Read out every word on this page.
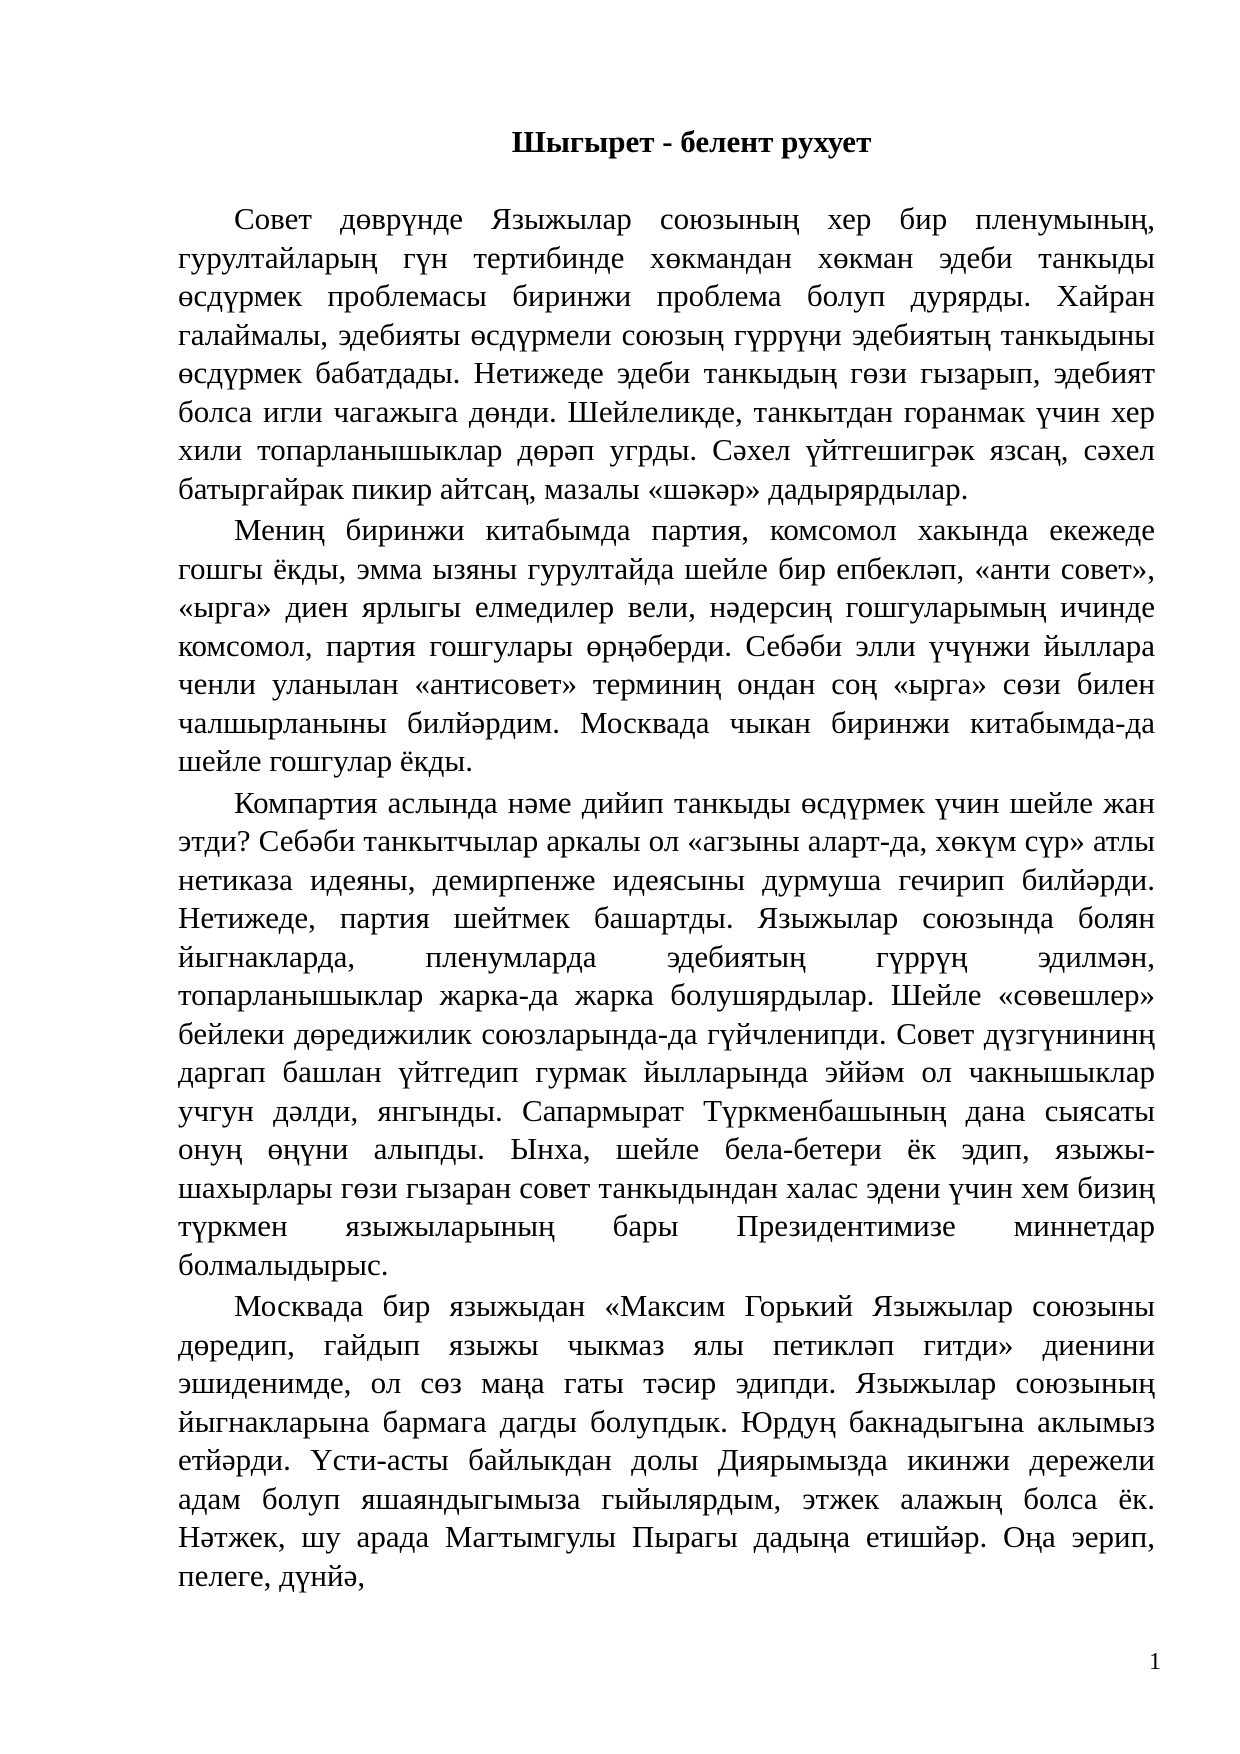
Шыгырет - белент рухует

Совет дөврүнде Языжылар союзының хер бир пленумының, гурултайларың гүн тертибинде хөкмандан хөкман эдеби танкыды өсдүрмек проблемасы биринжи проблема болуп дурярды. Хайран галаймалы, эдебияты өсдүрмели союзың гүррүңи эдебиятың танкыдыны өсдүрмек бабатдады. Нетижеде эдеби танкыдың гөзи гызарып, эдебият болса игли чагажыга дөнди. Шейлеликде, танкытдан горанмак үчин хер хили топарланышыклар дөрәп угрды. Сәхел үйтгешигрәк язсаң, сәхел батыргайрак пикир айтсаң, мазалы «шәкәр» дадырярдылар.

Мениң биринжи китабымда партия, комсомол хакында екежеде гошгы ёкды, эмма ызяны гурултайда шейле бир епбекләп, «анти совет», «ырга» диен ярлыгы елмедилер вели, нәдерсиң гошгуларымың ичинде комсомол, партия гошгулары өрңәберди. Себәби элли үчүнжи йыллара ченли уланылан «антисовет» терминиң ондан соң «ырга» сөзи билен чалшырланыны билйәрдим. Москвада чыкан биринжи китабымда-да шейле гошгулар ёкды.

Компартия аслында нәме дийип танкыды өсдүрмек үчин шейле жан этди? Себәби танкытчылар аркалы ол «агзыны аларт-да, хөкүм сүр» атлы нетиказа идеяны, демирпенже идеясыны дурмуша гечирип билйәрди. Нетижеде, партия шейтмек башартды. Языжылар союзында болян йыгнакларда, пленумларда эдебиятың гүррүң эдилмән, топарланышыклар жарка-да жарка болушярдылар. Шейле «сөвешлер» бейлеки дөредижилик союзларында-да гүйчленипди. Совет дүзгүнининң даргап башлан үйтгедип гурмак йылларында эййәм ол чакнышыклар учгун дәлди, янгынды. Сапармырат Түркменбашының дана сыясаты онуң өңүни алыпды. Ынха, шейле бела-бетери ёк эдип, языжы-шахырлары гөзи гызаран совет танкыдындан халас эдени үчин хем бизиң түркмен языжыларының бары Президентимизе миннетдар болмалыдырыс.

Москвада бир языжыдан «Максим Горький Языжылар союзыны дөредип, гайдып языжы чыкмаз ялы петикләп гитди» диенини эшиденимде, ол сөз маңа гаты тәсир эдипди. Языжылар союзының йыгнакларына бармага дагды болупдык. Юрдуң бакнадыгына аклымыз етйәрди. Үсти-асты байлыкдан долы Диярымызда икинжи дережели адам болуп яшаяндыгымыза гыйылярдым, этжек алажың болса ёк. Нәтжек, шу арада Магтымгулы Пырагы дадыңа етишйәр. Оңа эерип, пелеге, дүнйә,

1
